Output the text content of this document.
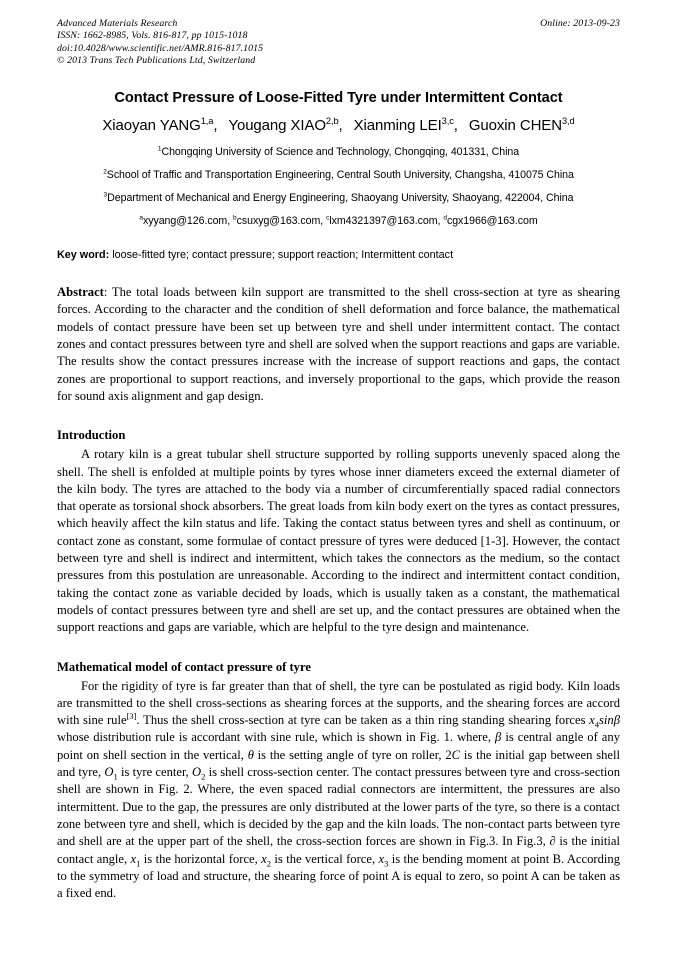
Advanced Materials Research
ISSN: 1662-8985, Vols. 816-817, pp 1015-1018
doi:10.4028/www.scientific.net/AMR.816-817.1015
© 2013 Trans Tech Publications Ltd, Switzerland
Online: 2013-09-23
Contact Pressure of Loose-Fitted Tyre under Intermittent Contact
Xiaoyan YANG$^{1,a}$, Yougang XIAO$^{2,b}$, Xianming LEI$^{3,c}$, Guoxin CHEN$^{3,d}$
$^1$Chongqing University of Science and Technology, Chongqing, 401331, China
$^2$School of Traffic and Transportation Engineering, Central South University, Changsha, 410075 China
$^3$Department of Mechanical and Energy Engineering, Shaoyang University, Shaoyang, 422004, China
$^a$xyyang@126.com, $^b$csuxyg@163.com, $^c$lxm4321397@163.com, $^d$cgx1966@163.com
Key word: loose-fitted tyre; contact pressure; support reaction; Intermittent contact
Abstract: The total loads between kiln support are transmitted to the shell cross-section at tyre as shearing forces. According to the character and the condition of shell deformation and force balance, the mathematical models of contact pressure have been set up between tyre and shell under intermittent contact. The contact zones and contact pressures between tyre and shell are solved when the support reactions and gaps are variable. The results show the contact pressures increase with the increase of support reactions and gaps, the contact zones are proportional to support reactions, and inversely proportional to the gaps, which provide the reason for sound axis alignment and gap design.
Introduction
A rotary kiln is a great tubular shell structure supported by rolling supports unevenly spaced along the shell. The shell is enfolded at multiple points by tyres whose inner diameters exceed the external diameter of the kiln body. The tyres are attached to the body via a number of circumferentially spaced radial connectors that operate as torsional shock absorbers. The great loads from kiln body exert on the tyres as contact pressures, which heavily affect the kiln status and life. Taking the contact status between tyres and shell as continuum, or contact zone as constant, some formulae of contact pressure of tyres were deduced [1-3]. However, the contact between tyre and shell is indirect and intermittent, which takes the connectors as the medium, so the contact pressures from this postulation are unreasonable. According to the indirect and intermittent contact condition, taking the contact zone as variable decided by loads, which is usually taken as a constant, the mathematical models of contact pressures between tyre and shell are set up, and the contact pressures are obtained when the support reactions and gaps are variable, which are helpful to the tyre design and maintenance.
Mathematical model of contact pressure of tyre
For the rigidity of tyre is far greater than that of shell, the tyre can be postulated as rigid body. Kiln loads are transmitted to the shell cross-sections as shearing forces at the supports, and the shearing forces are accord with sine rule[3]. Thus the shell cross-section at tyre can be taken as a thin ring standing shearing forces $x_4\sin\beta$ whose distribution rule is accordant with sine rule, which is shown in Fig. 1. where, β is central angle of any point on shell section in the vertical, θ is the setting angle of tyre on roller, 2C is the initial gap between shell and tyre, $O_1$ is tyre center, $O_2$ is shell cross-section center. The contact pressures between tyre and cross-section shell are shown in Fig. 2. Where, the even spaced radial connectors are intermittent, the pressures are also intermittent. Due to the gap, the pressures are only distributed at the lower parts of the tyre, so there is a contact zone between tyre and shell, which is decided by the gap and the kiln loads. The non-contact parts between tyre and shell are at the upper part of the shell, the cross-section forces are shown in Fig.3. In Fig.3, ∂ is the initial contact angle, $x_1$ is the horizontal force, $x_2$ is the vertical force, $x_3$ is the bending moment at point B. According to the symmetry of load and structure, the shearing force of point A is equal to zero, so point A can be taken as a fixed end.
